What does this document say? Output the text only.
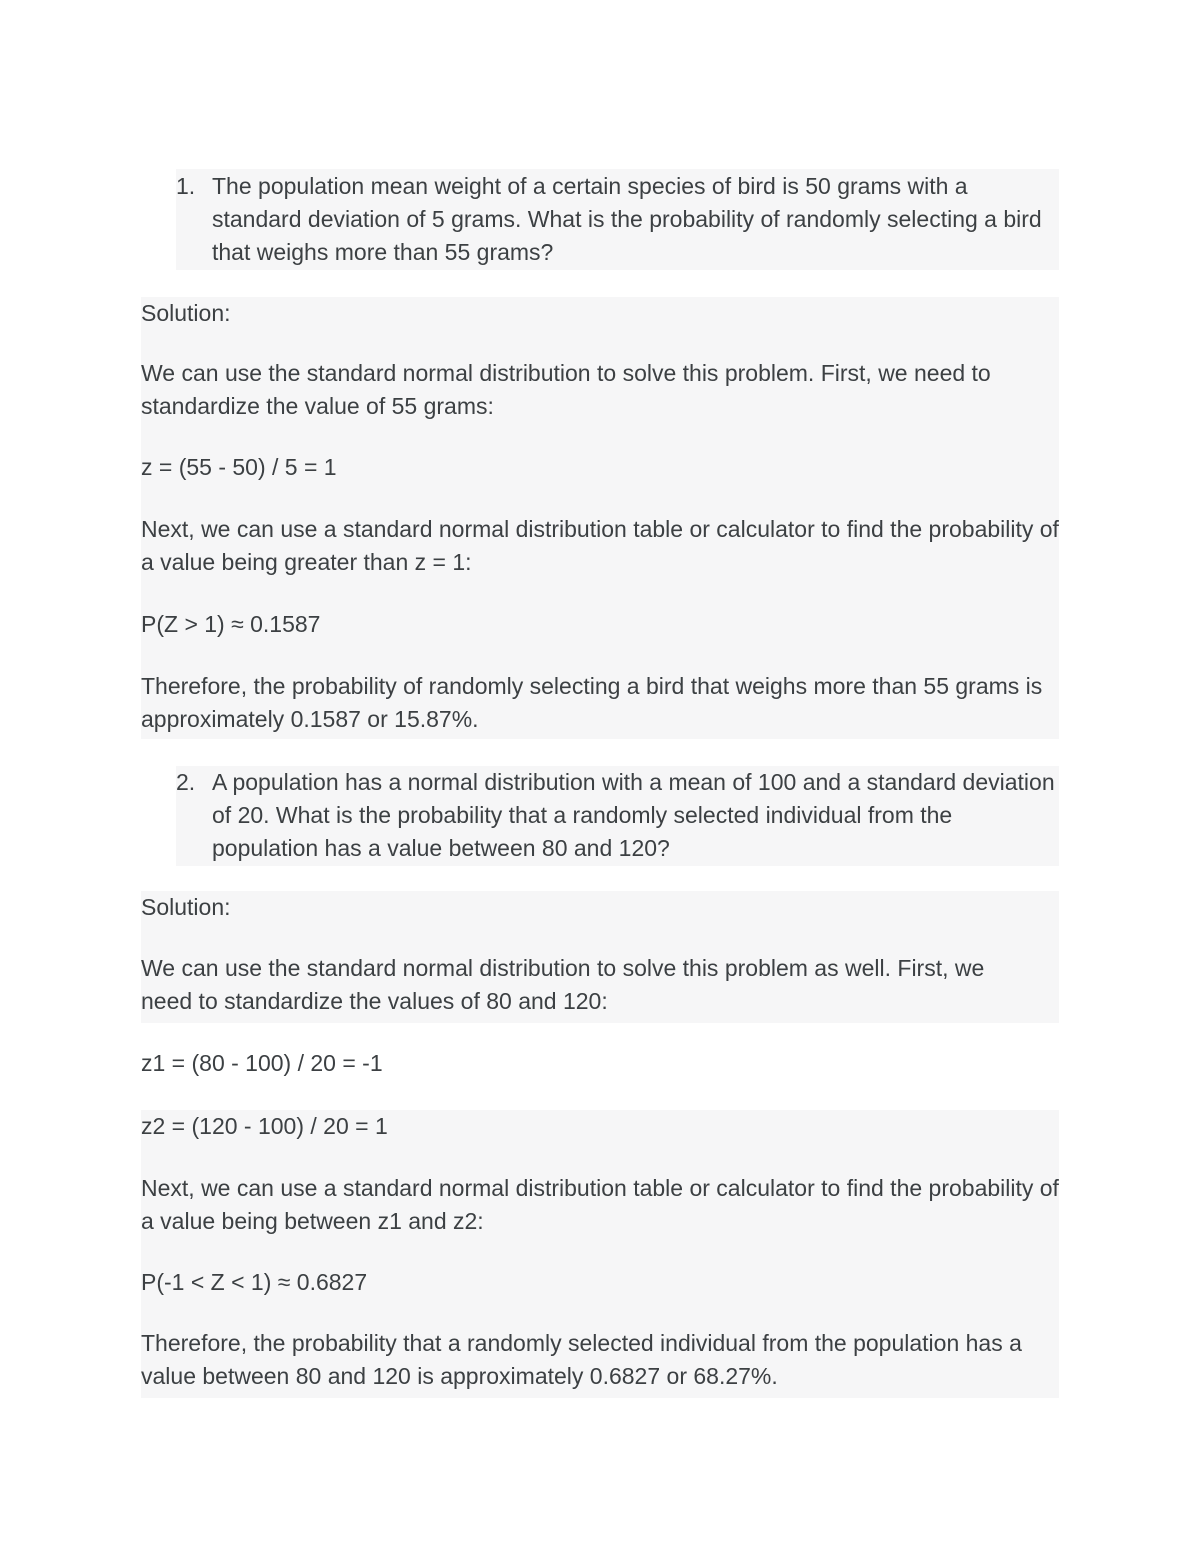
1. The population mean weight of a certain species of bird is 50 grams with a standard deviation of 5 grams. What is the probability of randomly selecting a bird that weighs more than 55 grams?

Solution:

We can use the standard normal distribution to solve this problem. First, we need to standardize the value of 55 grams:

z = (55 - 50) / 5 = 1

Next, we can use a standard normal distribution table or calculator to find the probability of a value being greater than z = 1:

P(Z > 1) ≈ 0.1587

Therefore, the probability of randomly selecting a bird that weighs more than 55 grams is approximately 0.1587 or 15.87%.

2. A population has a normal distribution with a mean of 100 and a standard deviation of 20. What is the probability that a randomly selected individual from the population has a value between 80 and 120?

Solution:

We can use the standard normal distribution to solve this problem as well. First, we need to standardize the values of 80 and 120:

z1 = (80 - 100) / 20 = -1

z2 = (120 - 100) / 20 = 1

Next, we can use a standard normal distribution table or calculator to find the probability of a value being between z1 and z2:

P(-1 < Z < 1) ≈ 0.6827

Therefore, the probability that a randomly selected individual from the population has a value between 80 and 120 is approximately 0.6827 or 68.27%.
